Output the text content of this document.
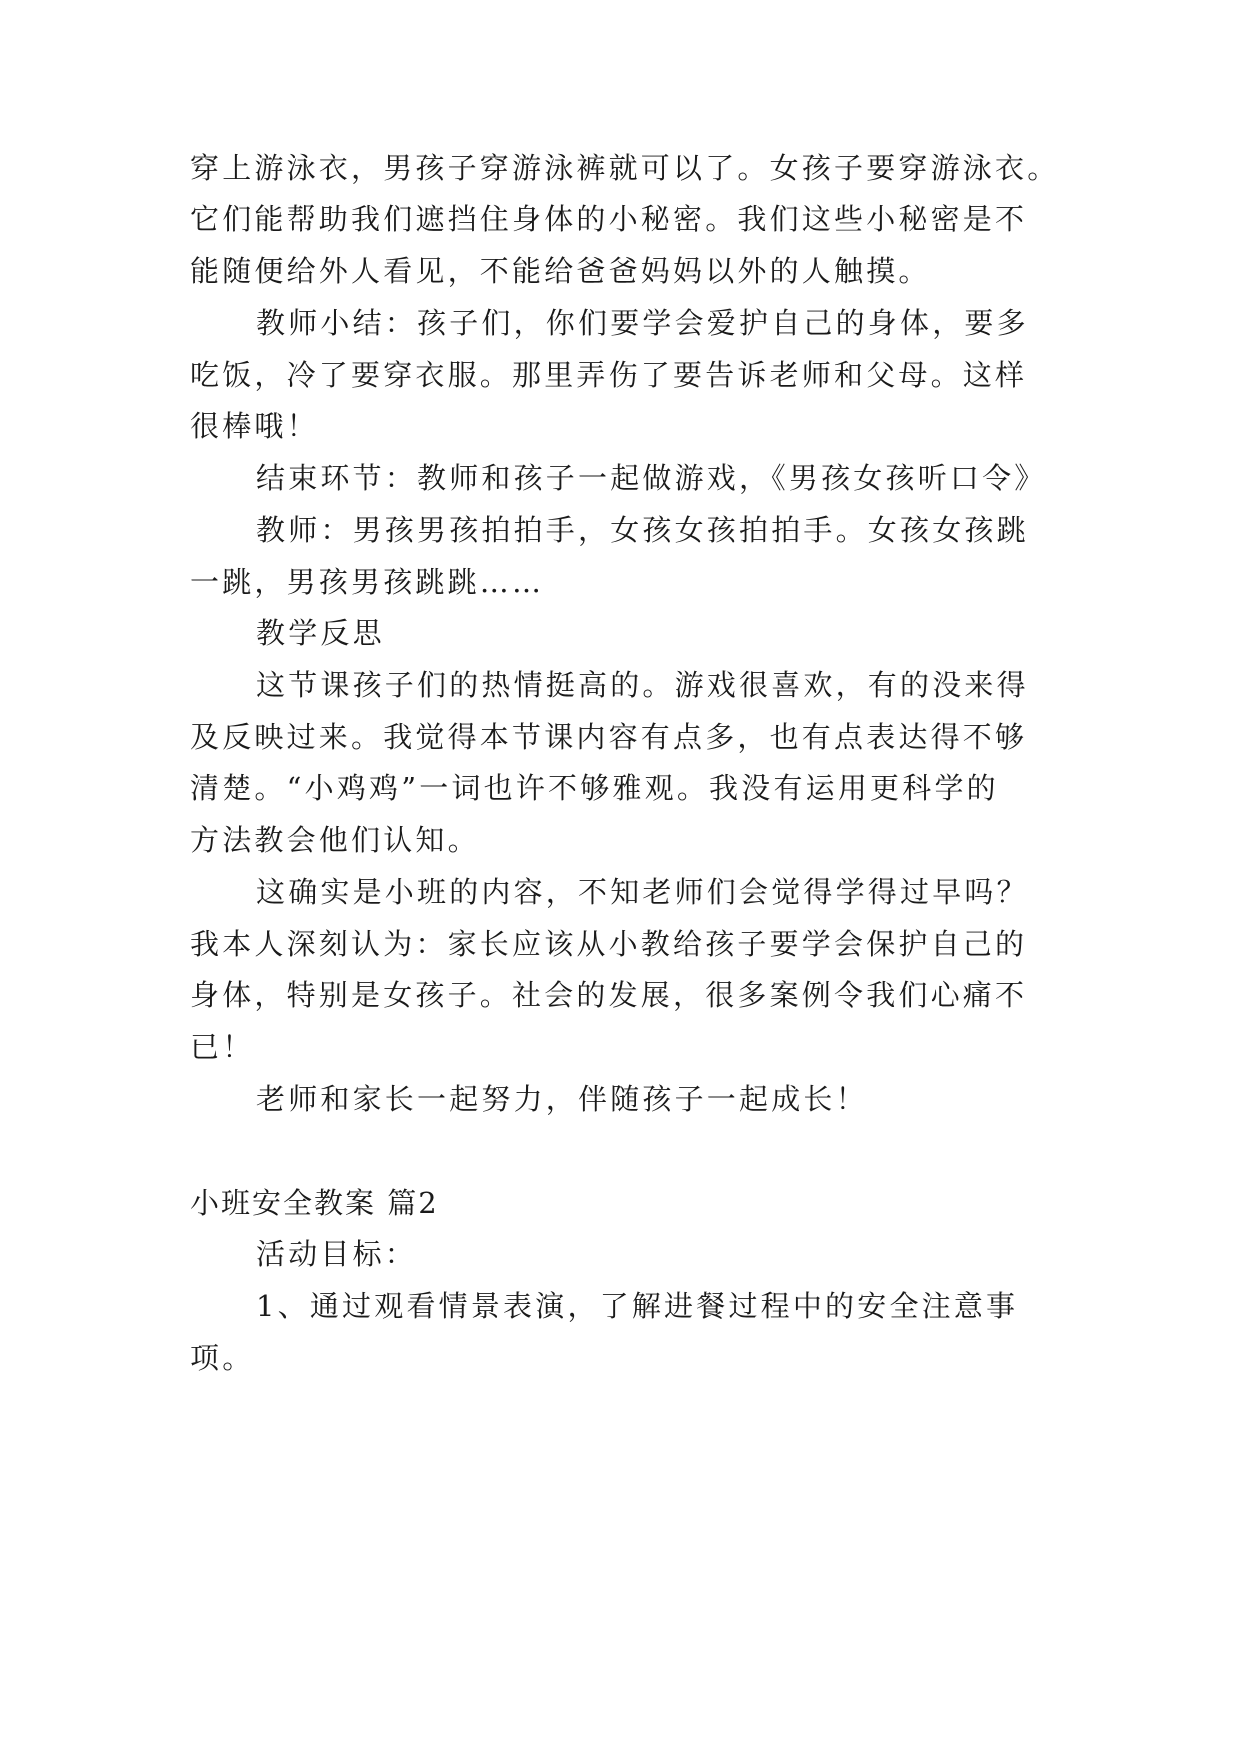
穿上游泳衣，男孩子穿游泳裤就可以了。女孩子要穿游泳衣。
它们能帮助我们遮挡住身体的小秘密。我们这些小秘密是不
能随便给外人看见，不能给爸爸妈妈以外的人触摸。
教师小结：孩子们，你们要学会爱护自己的身体，要多
吃饭，冷了要穿衣服。那里弄伤了要告诉老师和父母。这样
很棒哦！
结束环节：教师和孩子一起做游戏，《男孩女孩听口令》
教师：男孩男孩拍拍手，女孩女孩拍拍手。女孩女孩跳
一跳，男孩男孩跳跳……
教学反思
这节课孩子们的热情挺高的。游戏很喜欢，有的没来得
及反映过来。我觉得本节课内容有点多，也有点表达得不够
清楚。“小鸡鸡”一词也许不够雅观。我没有运用更科学的
方法教会他们认知。
这确实是小班的内容，不知老师们会觉得学得过早吗？
我本人深刻认为：家长应该从小教给孩子要学会保护自己的
身体，特别是女孩子。社会的发展，很多案例令我们心痛不
已！
老师和家长一起努力，伴随孩子一起成长！
小班安全教案 篇2
活动目标：
1、通过观看情景表演，了解进餐过程中的安全注意事
项。
